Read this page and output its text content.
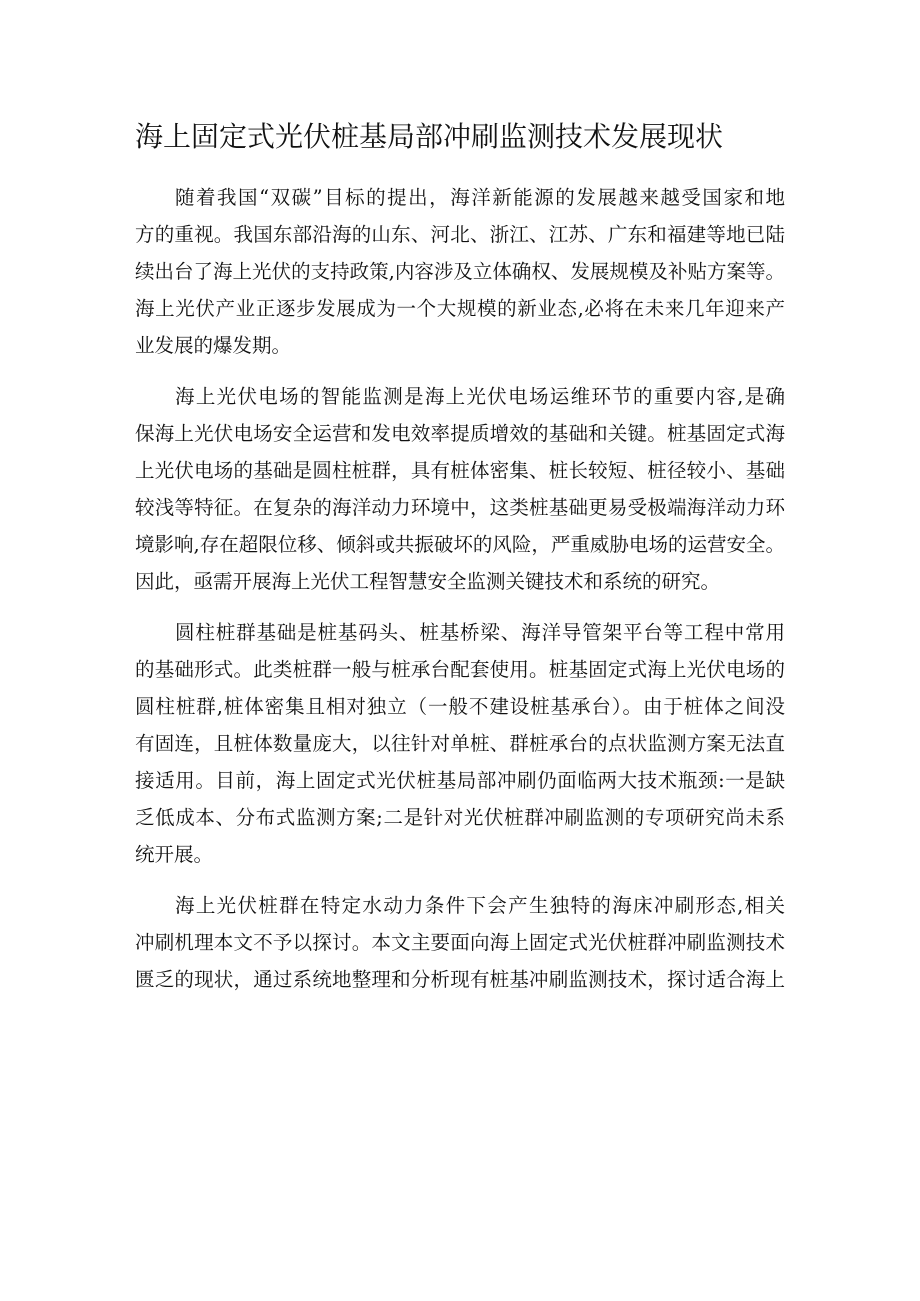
海上固定式光伏桩基局部冲刷监测技术发展现状
随着我国“双碳”目标的提出，海洋新能源的发展越来越受国家和地
方的重视。我国东部沿海的山东、河北、浙江、江苏、广东和福建等地已陆
续出台了海上光伏的支持政策,内容涉及立体确权、发展规模及补贴方案等。
海上光伏产业正逐步发展成为一个大规模的新业态,必将在未来几年迎来产
业发展的爆发期。
海上光伏电场的智能监测是海上光伏电场运维环节的重要内容,是确
保海上光伏电场安全运营和发电效率提质增效的基础和关键。桩基固定式海
上光伏电场的基础是圆柱桩群，具有桩体密集、桩长较短、桩径较小、基础
较浅等特征。在复杂的海洋动力环境中，这类桩基础更易受极端海洋动力环
境影响,存在超限位移、倾斜或共振破坏的风险，严重威胁电场的运营安全。
因此，亟需开展海上光伏工程智慧安全监测关键技术和系统的研究。
圆柱桩群基础是桩基码头、桩基桥梁、海洋导管架平台等工程中常用
的基础形式。此类桩群一般与桩承台配套使用。桩基固定式海上光伏电场的
圆柱桩群,桩体密集且相对独立（一般不建设桩基承台）。由于桩体之间没
有固连，且桩体数量庞大，以往针对单桩、群桩承台的点状监测方案无法直
接适用。目前，海上固定式光伏桩基局部冲刷仍面临两大技术瓶颈:一是缺
乏低成本、分布式监测方案;二是针对光伏桩群冲刷监测的专项研究尚未系
统开展。
海上光伏桩群在特定水动力条件下会产生独特的海床冲刷形态,相关
冲刷机理本文不予以探讨。本文主要面向海上固定式光伏桩群冲刷监测技术
匮乏的现状，通过系统地整理和分析现有桩基冲刷监测技术，探讨适合海上
